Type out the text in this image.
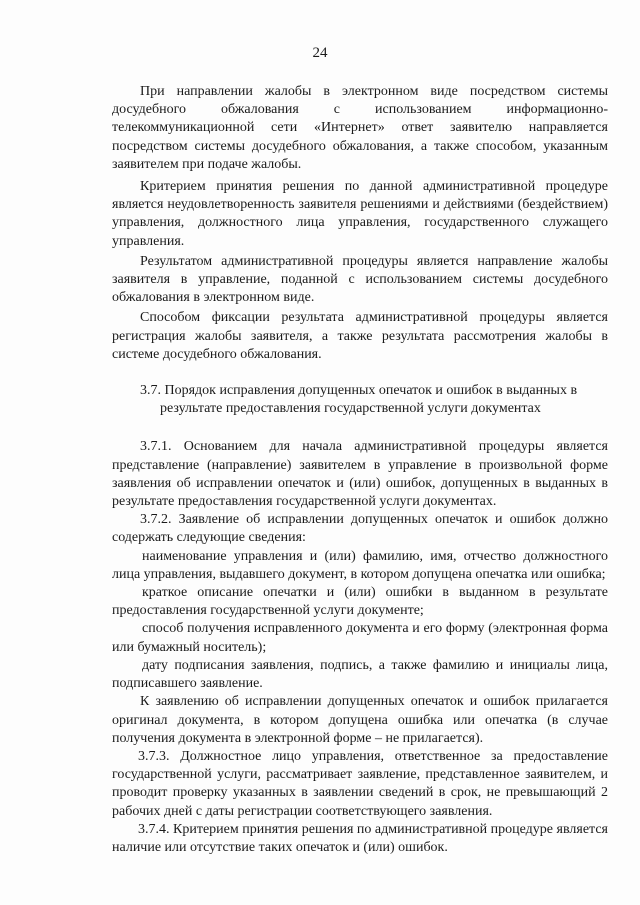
24

При направлении жалобы в электронном виде посредством системы досудебного обжалования с использованием информационно-телекоммуникационной сети «Интернет» ответ заявителю направляется посредством системы досудебного обжалования, а также способом, указанным заявителем при подаче жалобы.

Критерием принятия решения по данной административной процедуре является неудовлетворенность заявителя решениями и действиями (бездействием) управления, должностного лица управления, государственного служащего управления.

Результатом административной процедуры является направление жалобы заявителя в управление, поданной с использованием системы досудебного обжалования в электронном виде.

Способом фиксации результата административной процедуры является регистрация жалобы заявителя, а также результата рассмотрения жалобы в системе досудебного обжалования.

3.7. Порядок исправления допущенных опечаток и ошибок в выданных в
результате предоставления государственной услуги документах

3.7.1. Основанием для начала административной процедуры является представление (направление) заявителем в управление в произвольной форме заявления об исправлении опечаток и (или) ошибок, допущенных в выданных в результате предоставления государственной услуги документах.

3.7.2. Заявление об исправлении допущенных опечаток и ошибок должно содержать следующие сведения:

наименование управления и (или) фамилию, имя, отчество должностного лица управления, выдавшего документ, в котором допущена опечатка или ошибка;

краткое описание опечатки и (или) ошибки в выданном в результате предоставления государственной услуги документе;

способ получения исправленного документа и его форму (электронная форма или бумажный носитель);

дату подписания заявления, подпись, а также фамилию и инициалы лица, подписавшего заявление.

К заявлению об исправлении допущенных опечаток и ошибок прилагается оригинал документа, в котором допущена ошибка или опечатка (в случае получения документа в электронной форме – не прилагается).

3.7.3. Должностное лицо управления, ответственное за предоставление государственной услуги, рассматривает заявление, представленное заявителем, и проводит проверку указанных в заявлении сведений в срок, не превышающий 2 рабочих дней с даты регистрации соответствующего заявления.

3.7.4. Критерием принятия решения по административной процедуре является наличие или отсутствие таких опечаток и (или) ошибок.
